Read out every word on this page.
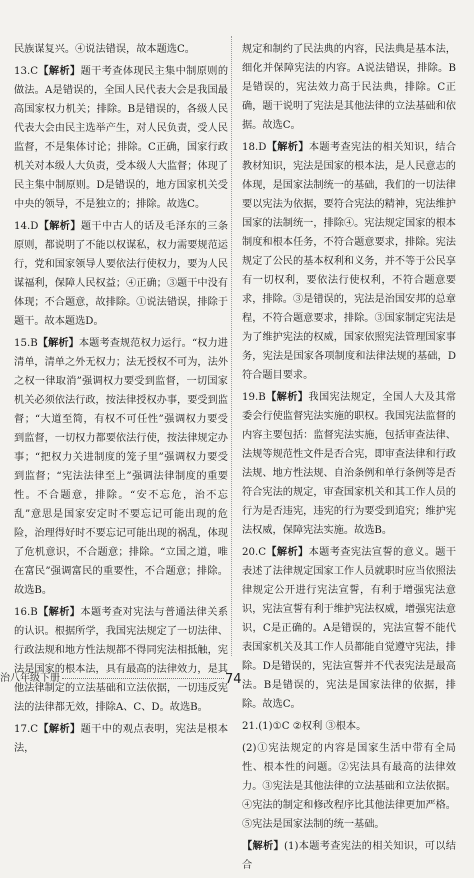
民族谋复兴。④说法错误，故本题选C。

13.C【解析】题干考查体现民主集中制原则的做法。A是错误的，全国人民代表大会是我国最高国家权力机关；排除。B是错误的，各级人民代表大会由民主选举产生，对人民负责，受人民监督，不是集体讨论；排除。C正确，国家行政机关对本级人大负责，受本级人大监督；体现了民主集中制原则。D是错误的，地方国家机关受中央的领导，不是独立的；排除。故选C。

14.D【解析】题干中古人的话及毛泽东的三条原则，都说明了不能以权谋私，权力需要规范运行，党和国家领导人要依法行使权力，要为人民谋福利，保障人民权益；④正确；③题干中没有体现；不合题意，故排除。①说法错误，排除于题干。故本题选D。

15.B【解析】本题考查规范权力运行。“权力进清单，清单之外无权力；法无授权不可为，法外之权一律取消”强调权力要受到监督，一切国家机关必须依法行政，按法律授权办事，要受到监督；“大道至简，有权不可任性”强调权力要受到监督，一切权力都要依法行使，按法律规定办事；“把权力关进制度的笼子里”强调权力要受到监督；“宪法法律至上”强调法律制度的重要性。不合题意，排除。“安不忘危，治不忘乱”意思是国家安定时不要忘记可能出现的危险，治理得好时不要忘记可能出现的祸乱，体现了危机意识，不合题意；排除。“立国之道，唯在富民”强调富民的重要性，不合题意；排除。故选B。

16.B【解析】本题考查对宪法与普通法律关系的认识。根据所学，我国宪法规定了一切法律、行政法规和地方性法规都不得同宪法相抵触，宪法是国家的根本法，具有最高的法律效力，是其他法律制定的立法基础和立法依据，一切违反宪法的法律都无效，排除A、C、D。故选B。

17.C【解析】题干中的观点表明，宪法是根本法，

规定和制约了民法典的内容，民法典是基本法，细化并保障宪法的内容。A说法错误，排除。B是错误的，宪法效力高于民法典，排除。C正确，题干说明了宪法是其他法律的立法基础和依据。故选C。

18.D【解析】本题考查宪法的相关知识，结合教材知识，宪法是国家的根本法，是人民意志的体现，是国家法制统一的基础，我们的一切法律要以宪法为依据，要符合宪法的精神，宪法维护国家的法制统一，排除④。宪法规定国家的根本制度和根本任务，不符合题意要求，排除。宪法规定了公民的基本权利和义务，并不等于公民享有一切权利，要依法行使权利，不符合题意要求，排除。③是错误的，宪法是治国安邦的总章程，不符合题意要求，排除。③国家制定宪法是为了维护宪法的权威，国家依照宪法管理国家事务，宪法是国家各项制度和法律法规的基础，D符合题目要求。

19.B【解析】我国宪法规定，全国人大及其常委会行使监督宪法实施的职权。我国宪法监督的内容主要包括：监督宪法实施，包括审查法律、法规等规范性文件是否合宪，即审查法律和行政法规、地方性法规、自治条例和单行条例等是否符合宪法的规定，审查国家机关和其工作人员的行为是否违宪，违宪的行为要受到追究；维护宪法权威，保障宪法实施。故选B。

20.C【解析】本题考查宪法宣誓的意义。题干表述了法律规定国家工作人员就职时应当依照法律规定公开进行宪法宣誓，有利于增强宪法意识，宪法宣誓有利于维护宪法权威，增强宪法意识，C是正确的。A是错误的，宪法宣誓不能代表国家机关及其工作人员都能自觉遵守宪法，排除。D是错误的，宪法宣誓并不代表宪法是最高法。B是错误的，宪法是国家法律的依据，排除。故选C。

21.(1)①C ②权利 ③根本。

(2)①宪法规定的内容是国家生活中带有全局性、根本性的问题。②宪法具有最高的法律效力。③宪法是其他法律的立法基础和立法依据。④宪法的制定和修改程序比其他法律更加严格。⑤宪法是国家法制的统一基础。

【解析】(1)本题考查宪法的相关知识，可以结合

治八年级下册	74
